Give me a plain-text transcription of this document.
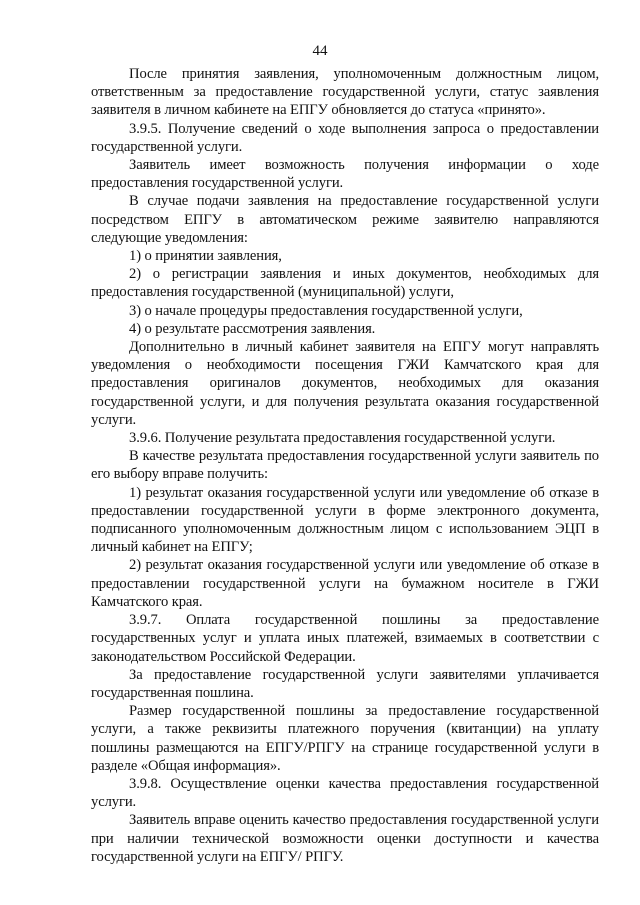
44

После принятия заявления, уполномоченным должностным лицом, ответственным за предоставление государственной услуги, статус заявления заявителя в личном кабинете на ЕПГУ обновляется до статуса «принято».

3.9.5. Получение сведений о ходе выполнения запроса о предоставлении государственной услуги.

Заявитель имеет возможность получения информации о ходе предоставления государственной услуги.

В случае подачи заявления на предоставление государственной услуги посредством ЕПГУ в автоматическом режиме заявителю направляются следующие уведомления:

1) о принятии заявления,

2) о регистрации заявления и иных документов, необходимых для предоставления государственной (муниципальной) услуги,

3) о начале процедуры предоставления государственной услуги,

4) о результате рассмотрения заявления.

Дополнительно в личный кабинет заявителя на ЕПГУ могут направлять уведомления о необходимости посещения ГЖИ Камчатского края для предоставления оригиналов документов, необходимых для оказания государственной услуги, и для получения результата оказания государственной услуги.

3.9.6. Получение результата предоставления государственной услуги.

В качестве результата предоставления государственной услуги заявитель по его выбору вправе получить:

1) результат оказания государственной услуги или уведомление об отказе в предоставлении государственной услуги в форме электронного документа, подписанного уполномоченным должностным лицом с использованием ЭЦП в личный кабинет на ЕПГУ;

2) результат оказания государственной услуги или уведомление об отказе в предоставлении государственной услуги на бумажном носителе в ГЖИ Камчатского края.

3.9.7. Оплата государственной пошлины за предоставление государственных услуг и уплата иных платежей, взимаемых в соответствии с законодательством Российской Федерации.

За предоставление государственной услуги заявителями уплачивается государственная пошлина.

Размер государственной пошлины за предоставление государственной услуги, а также реквизиты платежного поручения (квитанции) на уплату пошлины размещаются на ЕПГУ/РПГУ на странице государственной услуги в разделе «Общая информация».

3.9.8. Осуществление оценки качества предоставления государственной услуги.

Заявитель вправе оценить качество предоставления государственной услуги при наличии технической возможности оценки доступности и качества государственной услуги на ЕПГУ/ РПГУ.
